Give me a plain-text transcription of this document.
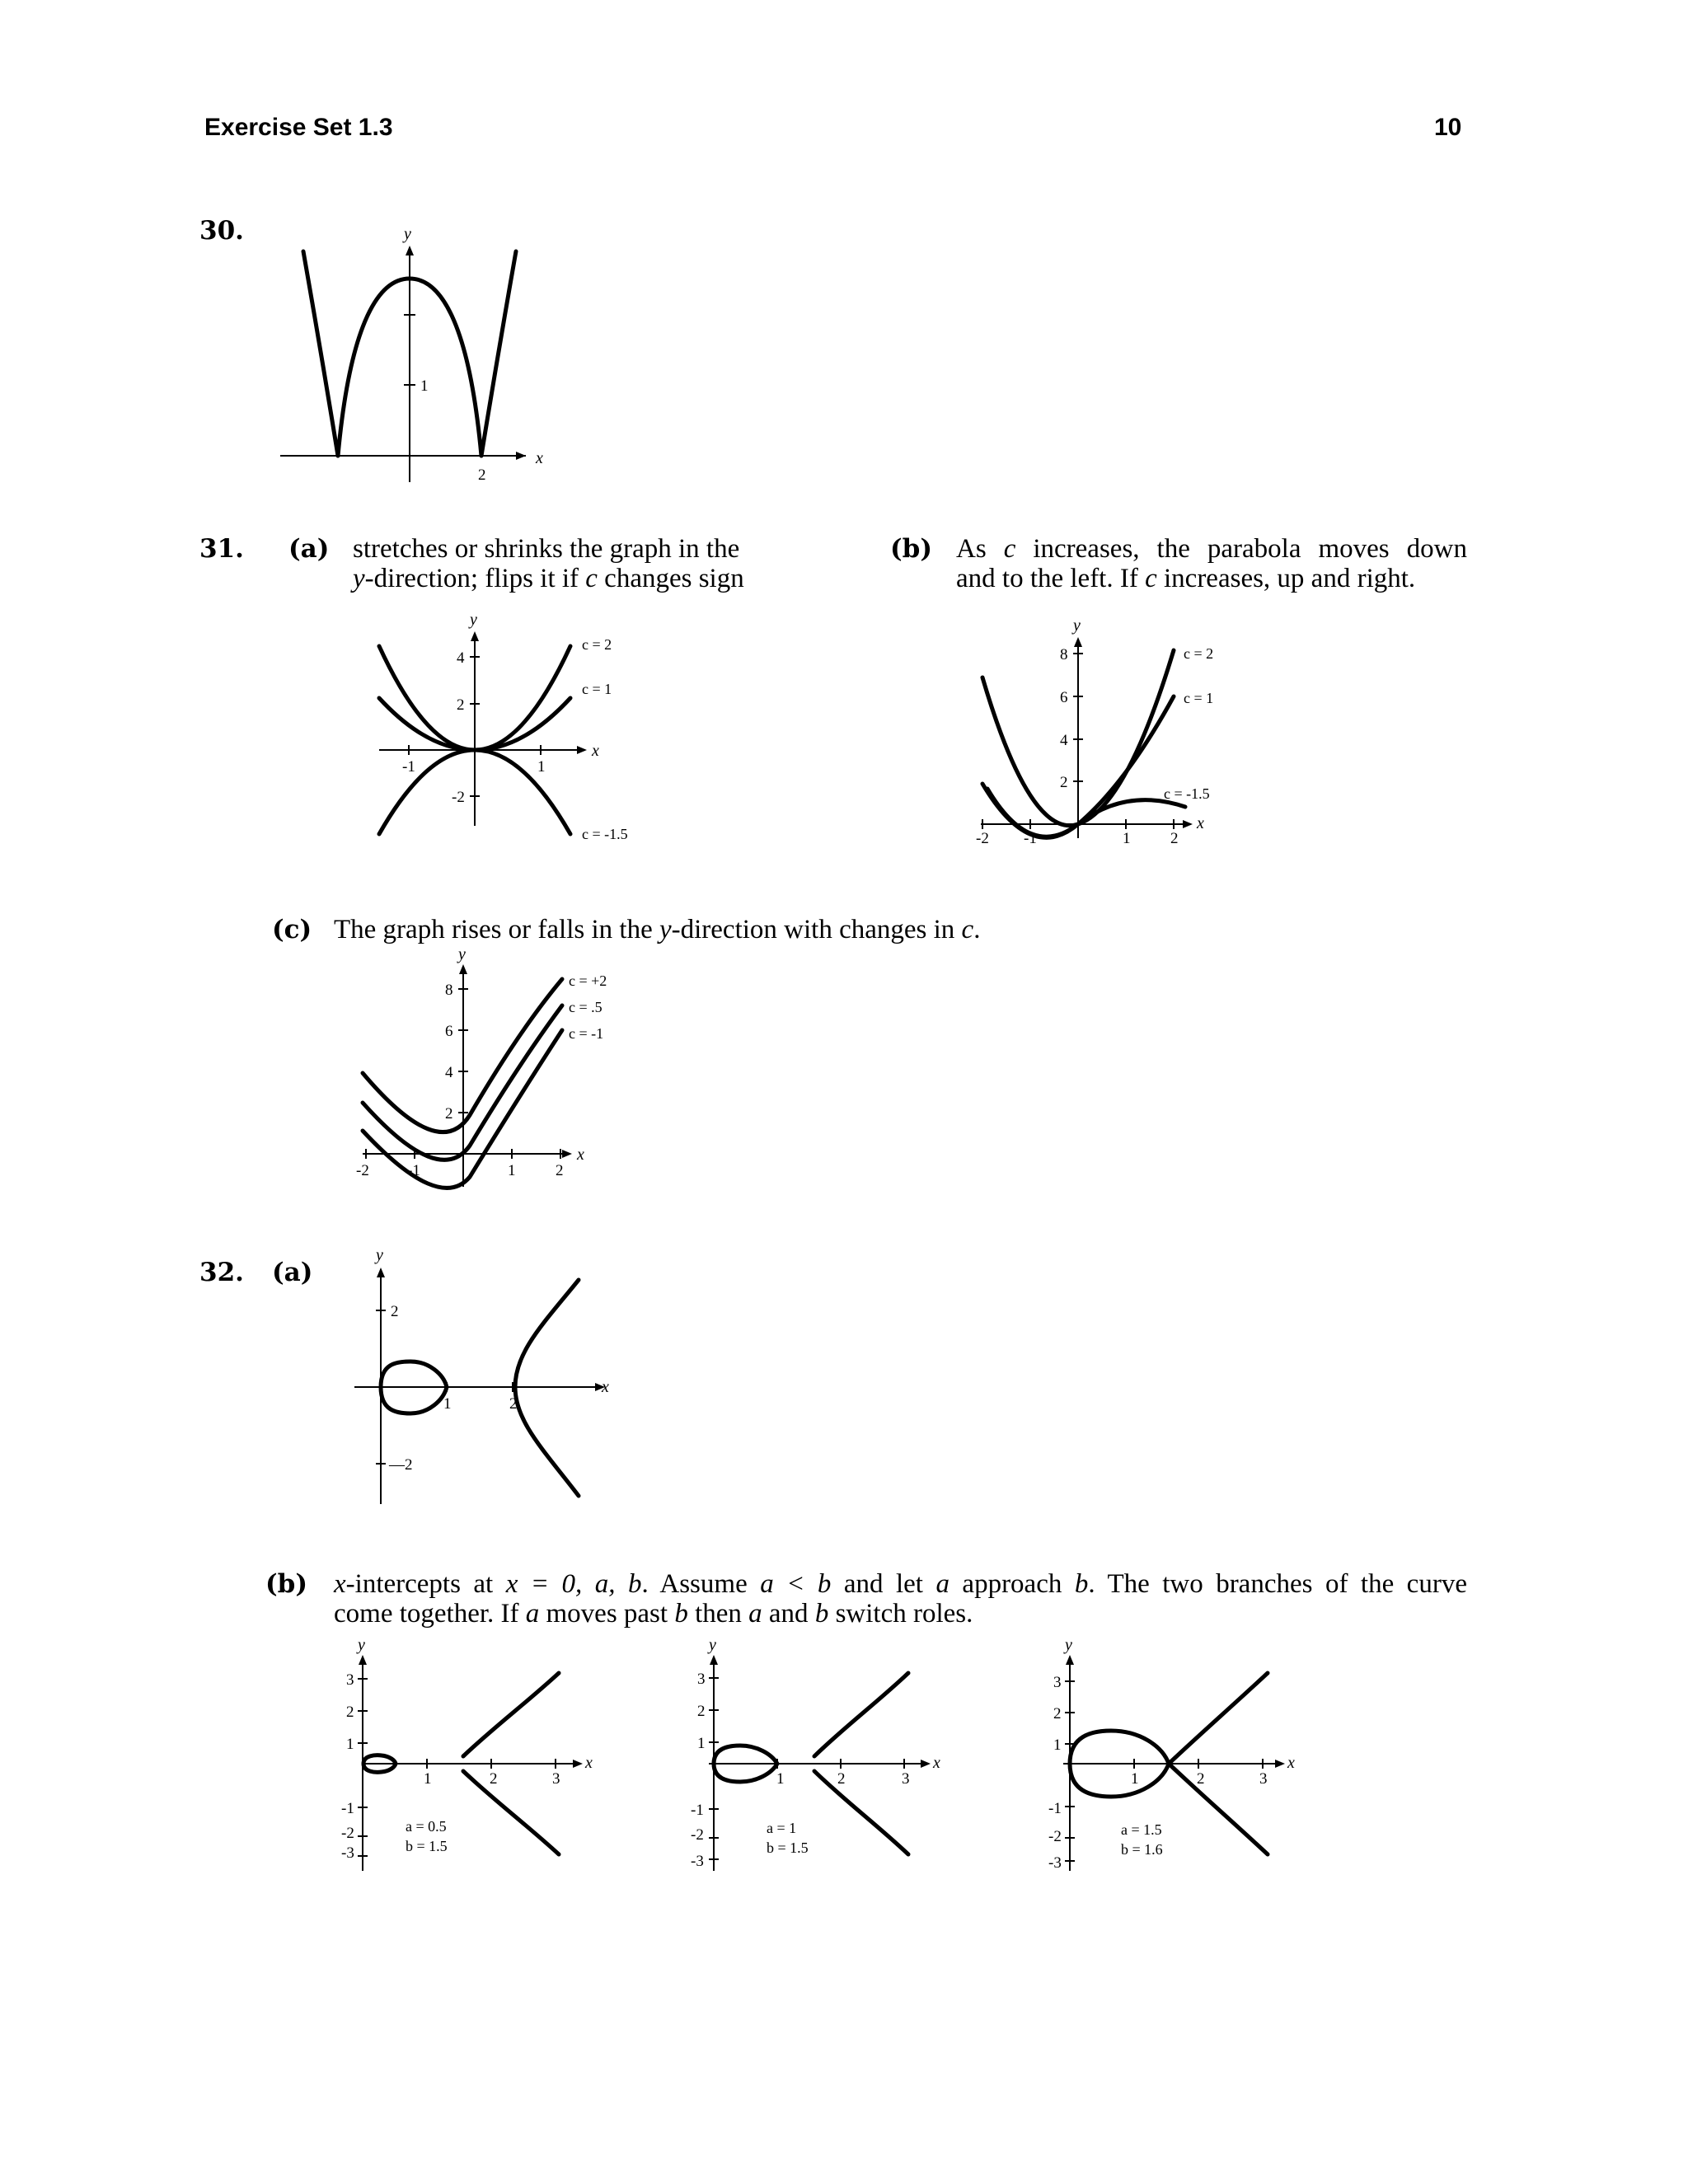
Exercise Set 1.3	10
30.
x
y
1
2
31. (a) stretches or shrinks the graph in the
y-direction; flips it if c changes sign
(b) As c increases, the parabola moves down
and to the left. If c increases, up and right.
x
y
-1	1
4
2
-2
c = 2
c = 1
c = -1.5
x
y
-2 -1	1	2
8
6
4
2
c = 2
c = 1
c = -1.5
(c) The graph rises or falls in the y-direction with changes in c.
x
y
-2 -1	1	2
8
6
4
2
c = +2
c = .5
c = -1
32. (a)
x
y
2
—2
1	2
(b) x-intercepts at x = 0, a, b. Assume a < b and let a approach b. The two branches of the curve
come together. If a moves past b then a and b switch roles.
x
y
3
2
1
-1
-2
-3
1	2	3
a = 0.5
b = 1.5
x
y
3
2
1
-1
-2
-3
1	2	3
a = 1
b = 1.5
x
y
3
2
1
-1
-2
-3
1	2	3
a = 1.5
b = 1.6
